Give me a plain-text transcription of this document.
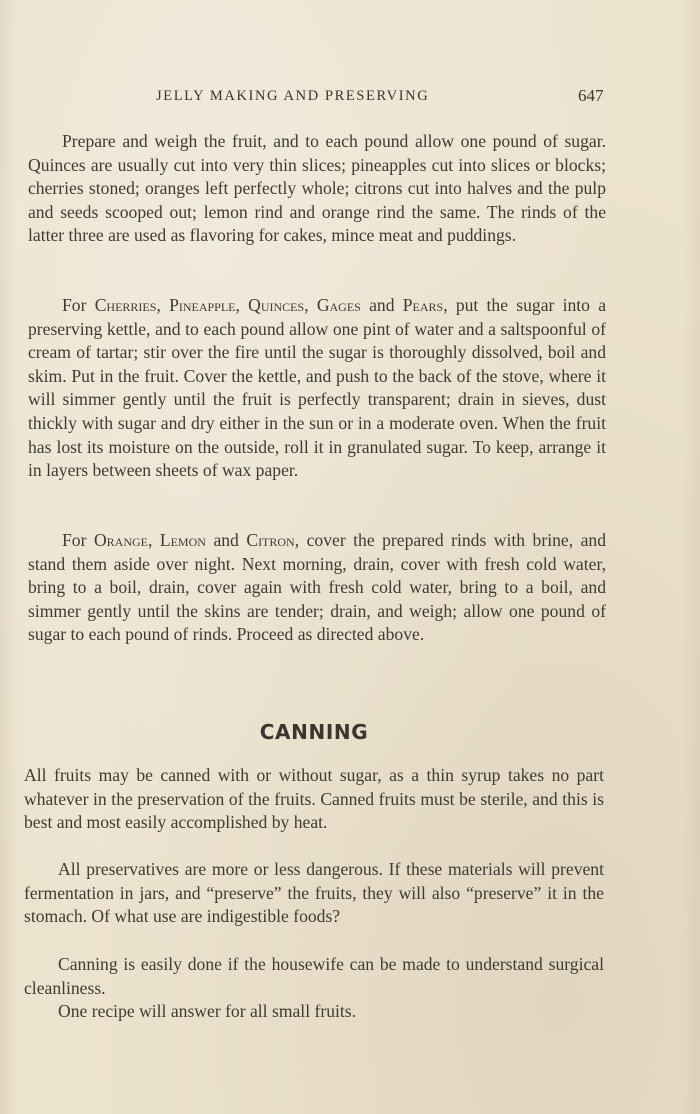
JELLY MAKING AND PRESERVING	647

Prepare and weigh the fruit, and to each pound allow one pound of sugar. Quinces are usually cut into very thin slices; pineapples cut into slices or blocks; cherries stoned; oranges left perfectly whole; citrons cut into halves and the pulp and seeds scooped out; lemon rind and orange rind the same. The rinds of the latter three are used as flavoring for cakes, mince meat and puddings.

For Cherries, Pineapple, Quinces, Gages and Pears, put the sugar into a preserving kettle, and to each pound allow one pint of water and a saltspoonful of cream of tartar; stir over the fire until the sugar is thoroughly dissolved, boil and skim. Put in the fruit. Cover the kettle, and push to the back of the stove, where it will simmer gently until the fruit is perfectly transparent; drain in sieves, dust thickly with sugar and dry either in the sun or in a moderate oven. When the fruit has lost its moisture on the outside, roll it in granulated sugar. To keep, arrange it in layers between sheets of wax paper.

For Orange, Lemon and Citron, cover the prepared rinds with brine, and stand them aside over night. Next morning, drain, cover with fresh cold water, bring to a boil, drain, cover again with fresh cold water, bring to a boil, and simmer gently until the skins are tender; drain, and weigh; allow one pound of sugar to each pound of rinds. Proceed as directed above.

CANNING

All fruits may be canned with or without sugar, as a thin syrup takes no part whatever in the preservation of the fruits. Canned fruits must be sterile, and this is best and most easily accomplished by heat.

All preservatives are more or less dangerous. If these materials will prevent fermentation in jars, and “preserve” the fruits, they will also “preserve” it in the stomach. Of what use are indigestible foods?

Canning is easily done if the housewife can be made to understand surgical cleanliness.

One recipe will answer for all small fruits.
